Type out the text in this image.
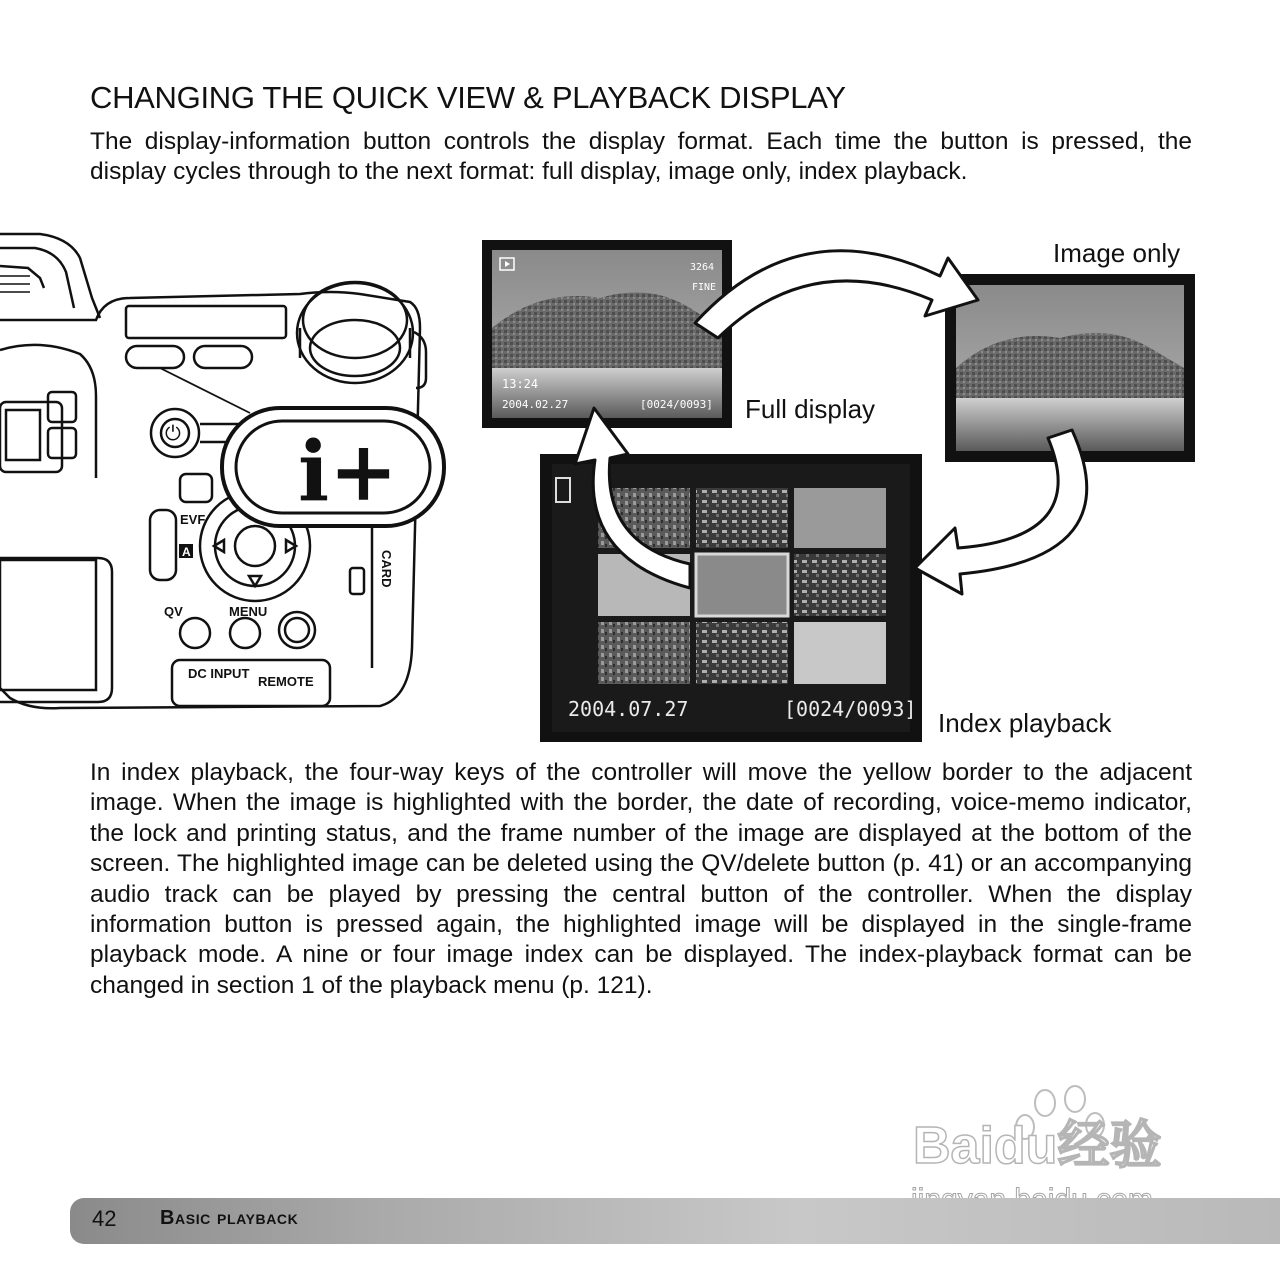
CHANGING THE QUICK VIEW & PLAYBACK DISPLAY
The display-information button controls the display format. Each time the button is pressed, the display cycles through to the next format: full display, image only, index playback.
EVF
QV	MENU
DC INPUT
REMOTE
CARD
A
⏻ i+
3264
FINE
13:24
2004.02.27	[0024/0093]
2004.07.27	[0024/0093]
Image only
Full display
Index playback
In index playback, the four-way keys of the controller will move the yellow border to the adjacent image. When the image is highlighted with the border, the date of recording, voice-memo indicator, the lock and printing status, and the frame number of the image are displayed at the bottom of the screen. The highlighted image can be deleted using the QV/delete button (p. 41) or an accompanying audio track can be played by pressing the central button of the controller. When the display information button is pressed again, the highlighted image will be displayed in the single-frame playback mode. A nine or four image index can be displayed. The index-playback format can be changed in section 1 of the playback menu (p. 121).
Baidu经验
42 Basic playback
